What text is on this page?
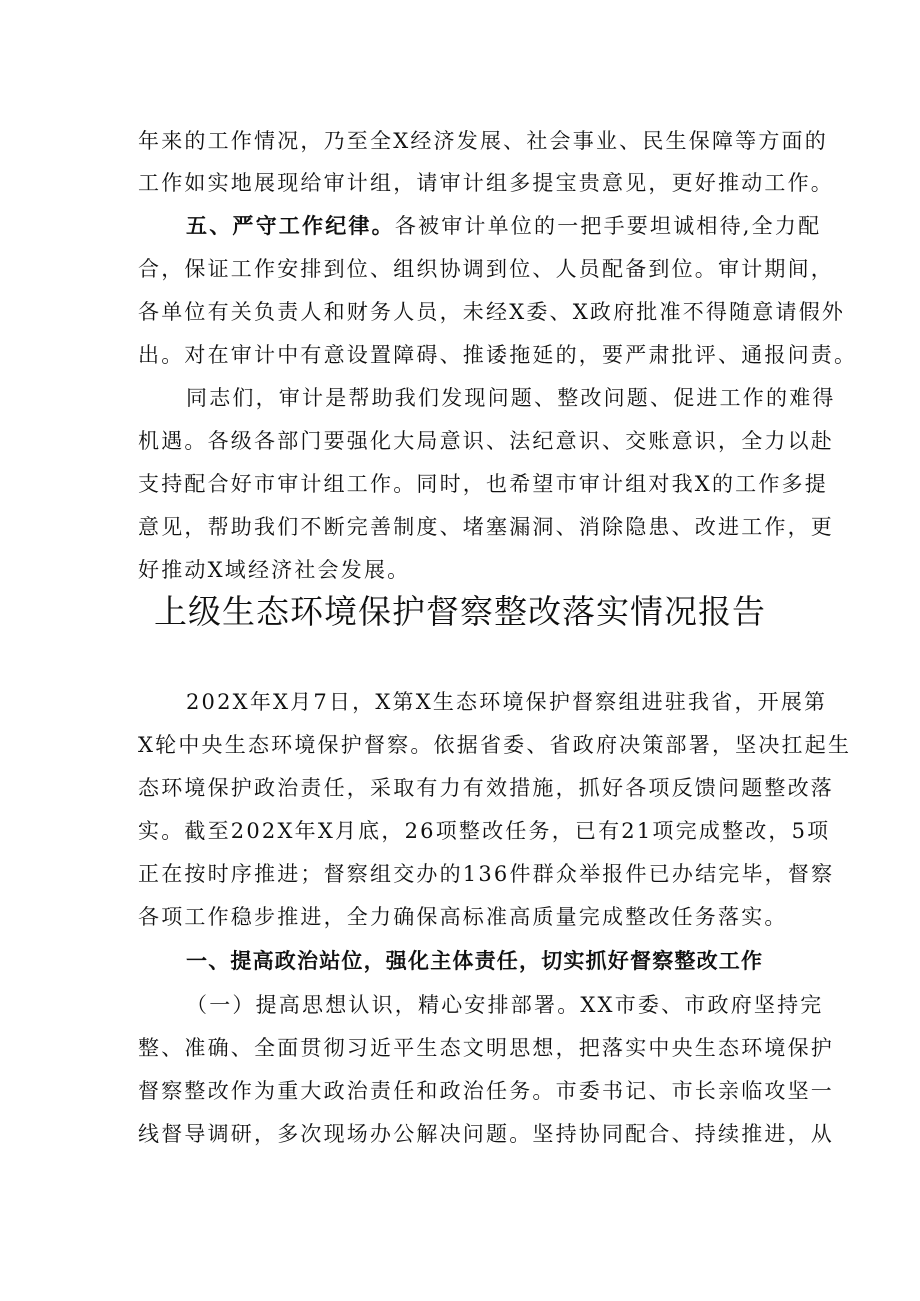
年来的工作情况，乃至全X经济发展、社会事业、民生保障等方面的

工作如实地展现给审计组，请审计组多提宝贵意见，更好推动工作。

五、严守工作纪律。各被审计单位的一把手要坦诚相待,全力配

合，保证工作安排到位、组织协调到位、人员配备到位。审计期间，

各单位有关负责人和财务人员，未经X委、X政府批准不得随意请假外

出。对在审计中有意设置障碍、推诿拖延的，要严肃批评、通报问责。

同志们，审计是帮助我们发现问题、整改问题、促进工作的难得

机遇。各级各部门要强化大局意识、法纪意识、交账意识，全力以赴

支持配合好市审计组工作。同时，也希望市审计组对我X的工作多提

意见，帮助我们不断完善制度、堵塞漏洞、消除隐患、改进工作，更

好推动X域经济社会发展。

上级生态环境保护督察整改落实情况报告

202X年X月7日，X第X生态环境保护督察组进驻我省，开展第

X轮中央生态环境保护督察。依据省委、省政府决策部署，坚决扛起生

态环境保护政治责任，采取有力有效措施，抓好各项反馈问题整改落

实。截至202X年X月底，26项整改任务，已有21项完成整改，5项

正在按时序推进；督察组交办的136件群众举报件已办结完毕，督察

各项工作稳步推进，全力确保高标准高质量完成整改任务落实。

一、提高政治站位，强化主体责任，切实抓好督察整改工作

（一）提高思想认识，精心安排部署。XX市委、市政府坚持完

整、准确、全面贯彻习近平生态文明思想，把落实中央生态环境保护

督察整改作为重大政治责任和政治任务。市委书记、市长亲临攻坚一

线督导调研，多次现场办公解决问题。坚持协同配合、持续推进，从
